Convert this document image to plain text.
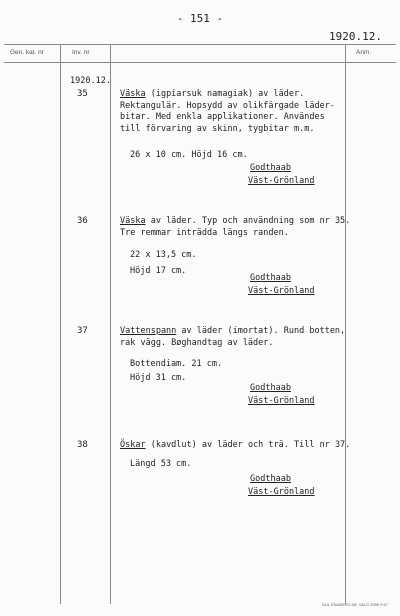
- 151 -
1920.12.
Gen. kat. nr	Inv. nr	Anm.
1920.12.
35	Väska (igpiarsuk namagiak) av läder.
Rektangulär. Hopsydd av olikfärgade läder-
bitar. Med enkla applikationer. Användes
till förvaring av skinn, tygbitar m.m.
26 x 10 cm. Höjd 16 cm.
Godthaab
Väst-Grönland
36	Väska av läder. Typ och användning som nr 35.
Tre remmar inträdda längs randen.
22 x 13,5 cm.
Höjd 17 cm.
Godthaab
Väst-Grönland
37	Vattenspann av läder (imortat). Rund botten,
rak vägg. Bøghandtag av läder.
Bottendiam. 21 cm.
Höjd 31 cm.
Godthaab
Väst-Grönland
38	Öskar (kavdlut) av läder och trä. Till nr 37.
Längd 53 cm.
Godthaab
Väst-Grönland
GUL ENABERG AB, VALD 2399 9 67
